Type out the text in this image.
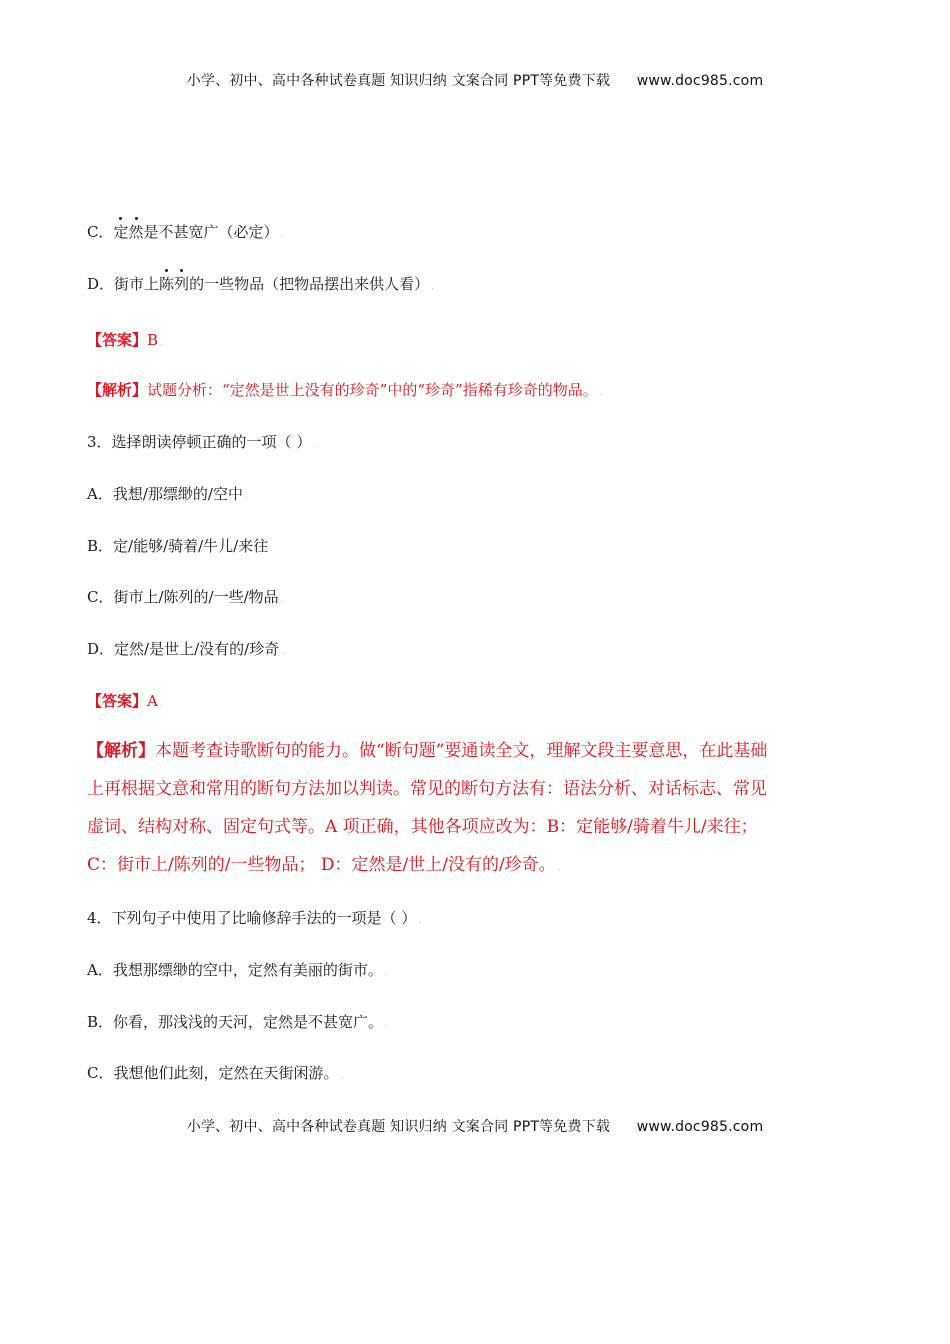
小学、初中、高中各种试卷真题 知识归纳 文案合同 PPT等免费下载 www.doc985.com
C．定然是不甚宽广（必定） .
D．街市上陈列的一些物品（把物品摆出来供人看） .
【答案】B .
【解析】试题分析：“定然是世上没有的珍奇”中的“珍奇”指稀有珍奇的物品。 .
3．选择朗读停顿正确的一项（ ） .
A．我想/那缥缈的/空中 .
B．定/能够/骑着/牛儿/来往 .
C．街市上/陈列的/一些/物品 .
D．定然/是世上/没有的/珍奇 .
【答案】A .

【解析】本题考查诗歌断句的能力。做“断句题”要通读全文，理解文段主要意思，在此基础

上再根据文意和常用的断句方法加以判读。常见的断句方法有：语法分析、对话标志、常见

虚词、结构对称、固定句式等。A 项正确，其他各项应改为：B：定能够/骑着牛儿/来往；

C：街市上/陈列的/一些物品； D：定然是/世上/没有的/珍奇。 .

4．下列句子中使用了比喻修辞手法的一项是（ ） .
A．我想那缥缈的空中，定然有美丽的街市。 .
B．你看，那浅浅的天河，定然是不甚宽广。 .
C．我想他们此刻，定然在天街闲游。 .
小学、初中、高中各种试卷真题 知识归纳 文案合同 PPT等免费下载 www.doc985.com
